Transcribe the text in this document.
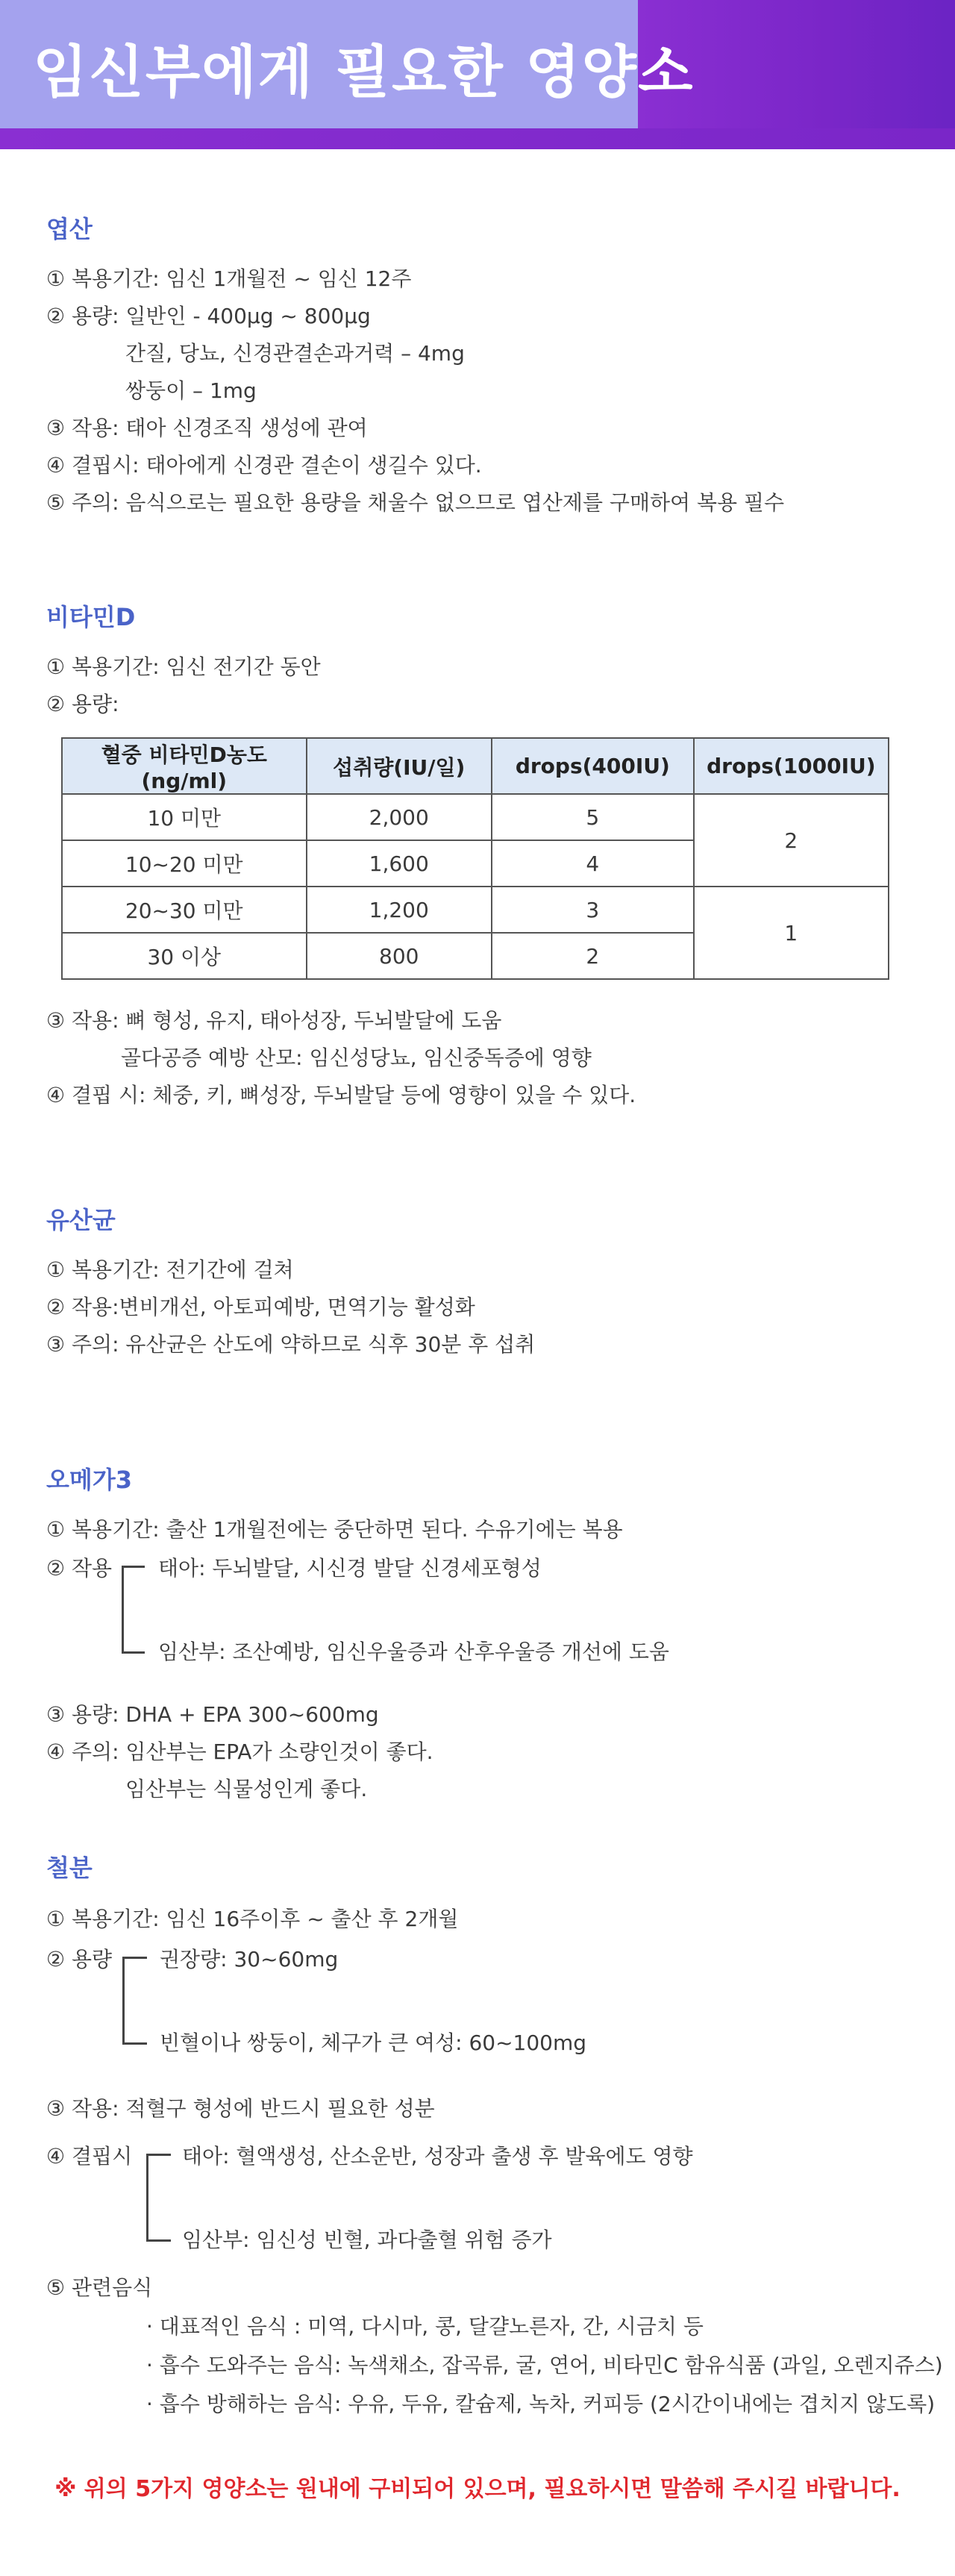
임신부에게 필요한 영양소
엽산
① 복용기간: 임신 1개월전 ~ 임신 12주
② 용량: 일반인 - 400μg ~ 800μg
간질, 당뇨, 신경관결손과거력 – 4mg
쌍둥이 – 1mg
③ 작용: 태아 신경조직 생성에 관여
④ 결핍시: 태아에게 신경관 결손이 생길수 있다.
⑤ 주의: 음식으로는 필요한 용량을 채울수 없으므로 엽산제를 구매하여 복용 필수
비타민D
① 복용기간: 임신 전기간 동안
② 용량:
혈중 비타민D농도 (ng/ml)	섭취량(IU/일)	drops(400IU)	drops(1000IU)
10 미만	2,000	5	2
10~20 미만	1,600	4	
20~30 미만	1,200	3	1
30 이상	800	2	
③ 작용: 뼈 형성, 유지, 태아성장, 두뇌발달에 도움
골다공증 예방 산모: 임신성당뇨, 임신중독증에 영향
④ 결핍 시: 체중, 키, 뼈성장, 두뇌발달 등에 영향이 있을 수 있다.
유산균
① 복용기간: 전기간에 걸쳐
② 작용:변비개선, 아토피예방, 면역기능 활성화
③ 주의: 유산균은 산도에 약하므로 식후 30분 후 섭취
오메가3
① 복용기간: 출산 1개월전에는 중단하면 된다. 수유기에는 복용
② 작용 태아: 두뇌발달, 시신경 발달 신경세포형성
임산부: 조산예방, 임신우울증과 산후우울증 개선에 도움
③ 용량: DHA + EPA 300~600mg
④ 주의: 임산부는 EPA가 소량인것이 좋다.
임산부는 식물성인게 좋다.
철분
① 복용기간: 임신 16주이후 ~ 출산 후 2개월
② 용량 권장량: 30~60mg
빈혈이나 쌍둥이, 체구가 큰 여성: 60~100mg
③ 작용: 적혈구 형성에 반드시 필요한 성분
④ 결핍시 태아: 혈액생성, 산소운반, 성장과 출생 후 발육에도 영향
임산부: 임신성 빈혈, 과다출혈 위험 증가
⑤ 관련음식
· 대표적인 음식 : 미역, 다시마, 콩, 달걀노른자, 간, 시금치 등
· 흡수 도와주는 음식: 녹색채소, 잡곡류, 굴, 연어, 비타민C 함유식품 (과일, 오렌지쥬스)
· 흡수 방해하는 음식: 우유, 두유, 칼슘제, 녹차, 커피등 (2시간이내에는 겹치지 않도록)
※ 위의 5가지 영양소는 원내에 구비되어 있으며, 필요하시면 말씀해 주시길 바랍니다.
